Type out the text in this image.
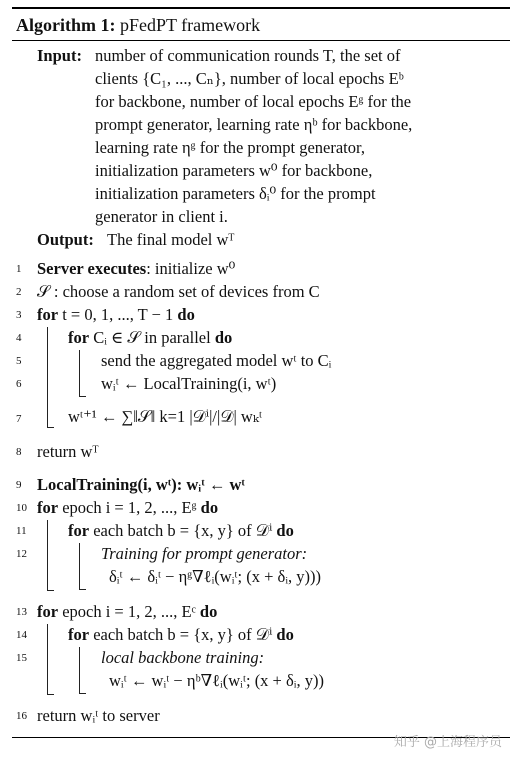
Algorithm 1: pFedPT framework
Input: number of communication rounds T, the set of
clients {C₁, ..., Cₙ}, number of local epochs Eᵇ
for backbone, number of local epochs Eᵍ for the
prompt generator, learning rate ηᵇ for backbone,
learning rate ηᵍ for the prompt generator,
initialization parameters w⁰ for backbone,
initialization parameters δᵢ⁰ for the prompt
generator in client i.
Output: The final model wᵀ
1 Server executes: initialize w⁰
2 𝒮 : choose a random set of devices from C
3 for t = 0, 1, ..., T − 1 do
4	for Cᵢ ∈ 𝒮 in parallel do
5	send the aggregated model wᵗ to Cᵢ
6	wᵢᵗ ← LocalTraining(i, wᵗ)
7	wᵗ⁺¹ ← ∑‖𝒮‖ k=1 |𝒟ⁱ|/|𝒟| wₖᵗ
8 return wᵀ
9 LocalTraining(i, wᵗ): wᵢᵗ ← wᵗ
10 for epoch i = 1, 2, ..., Eᵍ do
11	for each batch b = {x, y} of 𝒟ⁱ do
12	Training for prompt generator:
δᵢᵗ ← δᵢᵗ − ηᵍ∇ℓᵢ(wᵢᵗ; (x + δᵢ, y)))
13 for epoch i = 1, 2, ..., Eᶜ do
14 for each batch b = {x, y} of 𝒟ⁱ do
15	local backbone training:
wᵢᵗ ← wᵢᵗ − ηᵇ∇ℓᵢ(wᵢᵗ; (x + δᵢ, y))
16 return wᵢᵗ to server
知乎 @上海程序员
